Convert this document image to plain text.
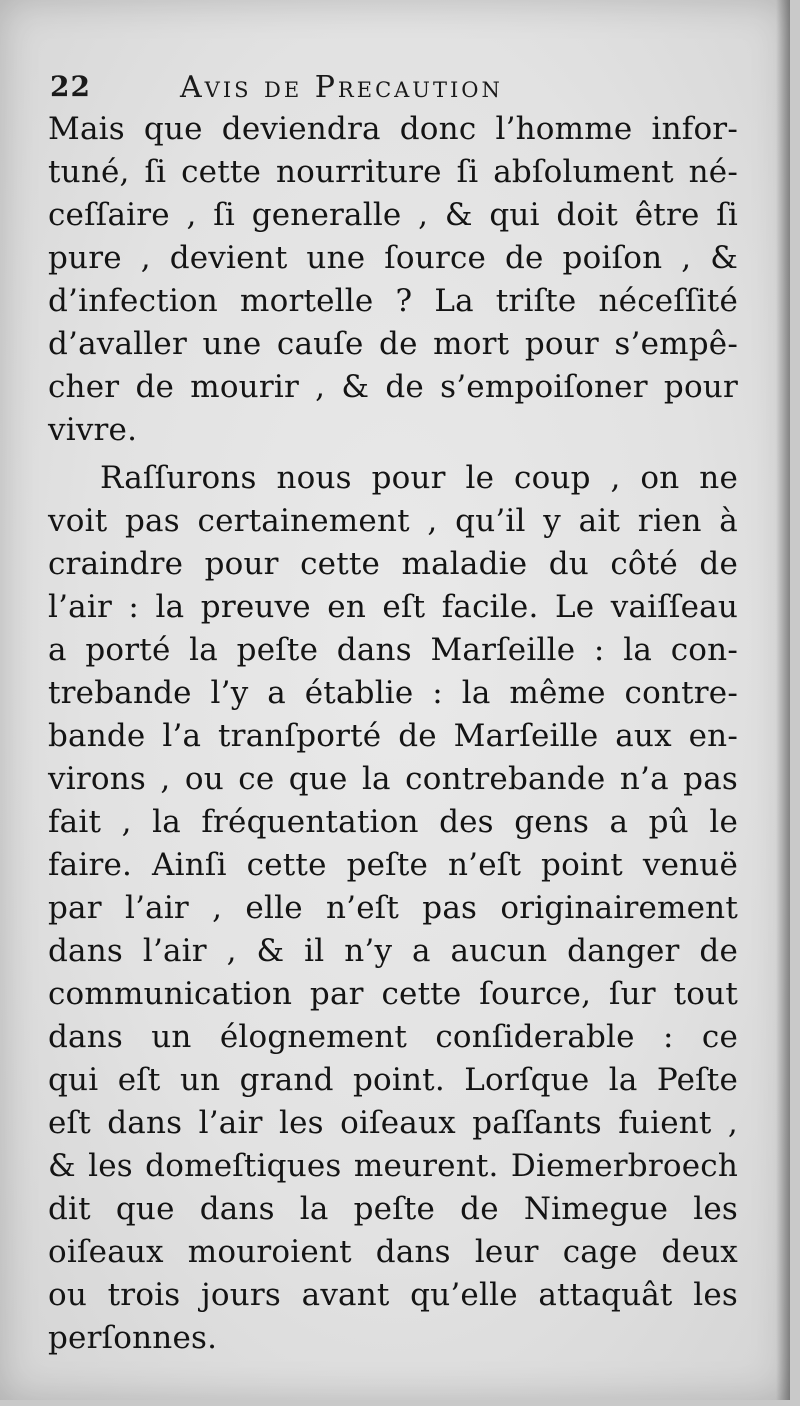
22	Avis de Precaution
Mais que deviendra donc l’homme infor-
tuné, ſi cette nourriture ſi abſolument né-
ceſſaire , ſi generalle , & qui doit être ſi
pure , devient une ſource de poiſon , &
d’infection mortelle ? La triſte néceſſité
d’avaller une cauſe de mort pour s’empê-
cher de mourir , & de s’empoiſoner pour
vivre.
Raſſurons nous pour le coup , on ne
voit pas certainement , qu’il y ait rien à
craindre pour cette maladie du côté de
l’air : la preuve en eſt facile. Le vaiſſeau
a porté la peſte dans Marſeille : la con-
trebande l’y a établie : la même contre-
bande l’a tranſporté de Marſeille aux en-
virons , ou ce que la contrebande n’a pas
fait , la fréquentation des gens a pû le
faire. Ainſi cette peſte n’eſt point venuë
par l’air , elle n’eſt pas originairement
dans l’air , & il n’y a aucun danger de
communication par cette ſource, ſur tout
dans un élognement conſiderable : ce
qui eſt un grand point. Lorſque la Peſte
eſt dans l’air les oiſeaux paſſants fuient ,
& les domeſtiques meurent. Diemerbroech
dit que dans la peſte de Nimegue les
oiſeaux mouroient dans leur cage deux
ou trois jours avant qu’elle attaquât les
perſonnes.
